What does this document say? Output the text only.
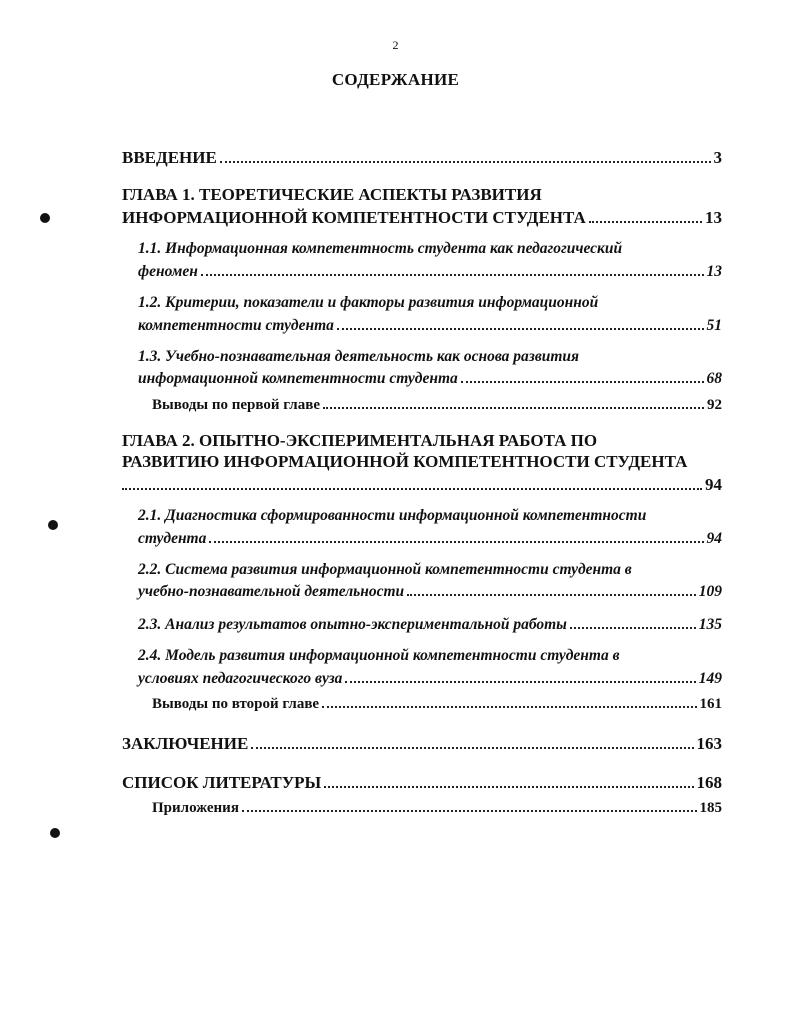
2
СОДЕРЖАНИЕ
ВВЕДЕНИЕ	3
ГЛАВА 1. ТЕОРЕТИЧЕСКИЕ АСПЕКТЫ РАЗВИТИЯ
ИНФОРМАЦИОННОЙ КОМПЕТЕНТНОСТИ СТУДЕНТА	13
1.1. Информационная компетентность студента как педагогический
феномен	13
1.2. Критерии, показатели и факторы развития информационной
компетентности студента	51
1.3. Учебно-познавательная деятельность как основа развития
информационной компетентности студента	68
Выводы по первой главе	92
ГЛАВА 2. ОПЫТНО-ЭКСПЕРИМЕНТАЛЬНАЯ РАБОТА ПО
РАЗВИТИЮ ИНФОРМАЦИОННОЙ КОМПЕТЕНТНОСТИ СТУДЕНТА
94
2.1. Диагностика сформированности информационной компетентности
студента	94
2.2. Система развития информационной компетентности студента в
учебно-познавательной деятельности	109
2.3. Анализ результатов опытно-экспериментальной работы	135
2.4. Модель развития информационной компетентности студента в
условиях педагогического вуза	149
Выводы по второй главе	161
ЗАКЛЮЧЕНИЕ	163
СПИСОК ЛИТЕРАТУРЫ	168
Приложения	185
